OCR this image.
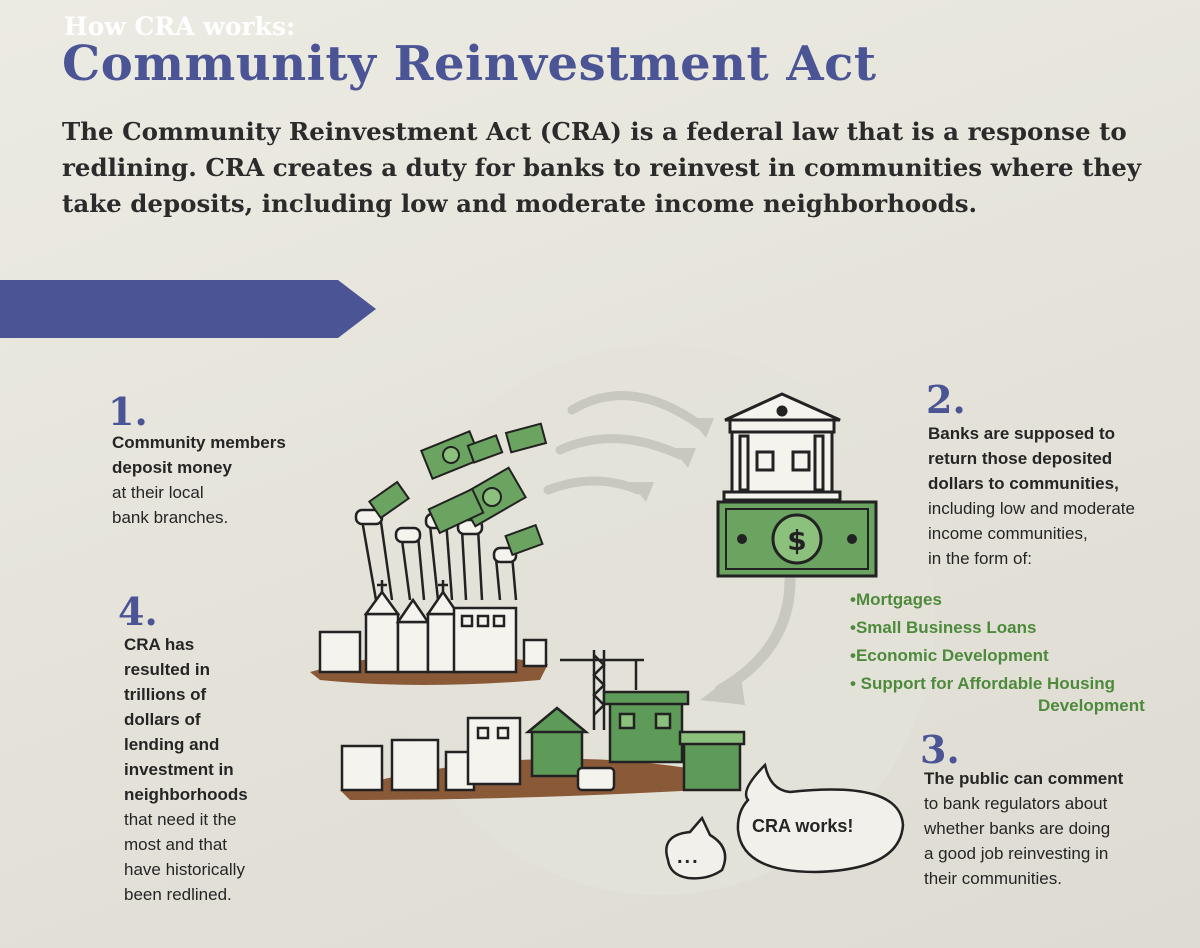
$
Community Reinvestment Act

The Community Reinvestment Act (CRA) is a federal law that is a response to redlining. CRA creates a duty for banks to reinvest in communities where they take deposits, including low and moderate income neighborhoods.

How CRA works:

1.

Community members
deposit money
at their local
bank branches.

2.

Banks are supposed to
return those deposited
dollars to communities,
including low and moderate
income communities,
in the form of:
•Mortgages
•Small Business Loans
•Economic Development
• Support for Affordable Housing
Development

3.

The public can comment
to bank regulators about
whether banks are doing
a good job reinvesting in
their communities.

4.

CRA has
resulted in
trillions of
dollars of
lending and
investment in
neighborhoods
that need it the
most and that
have historically
been redlined.
CRA works!
...
